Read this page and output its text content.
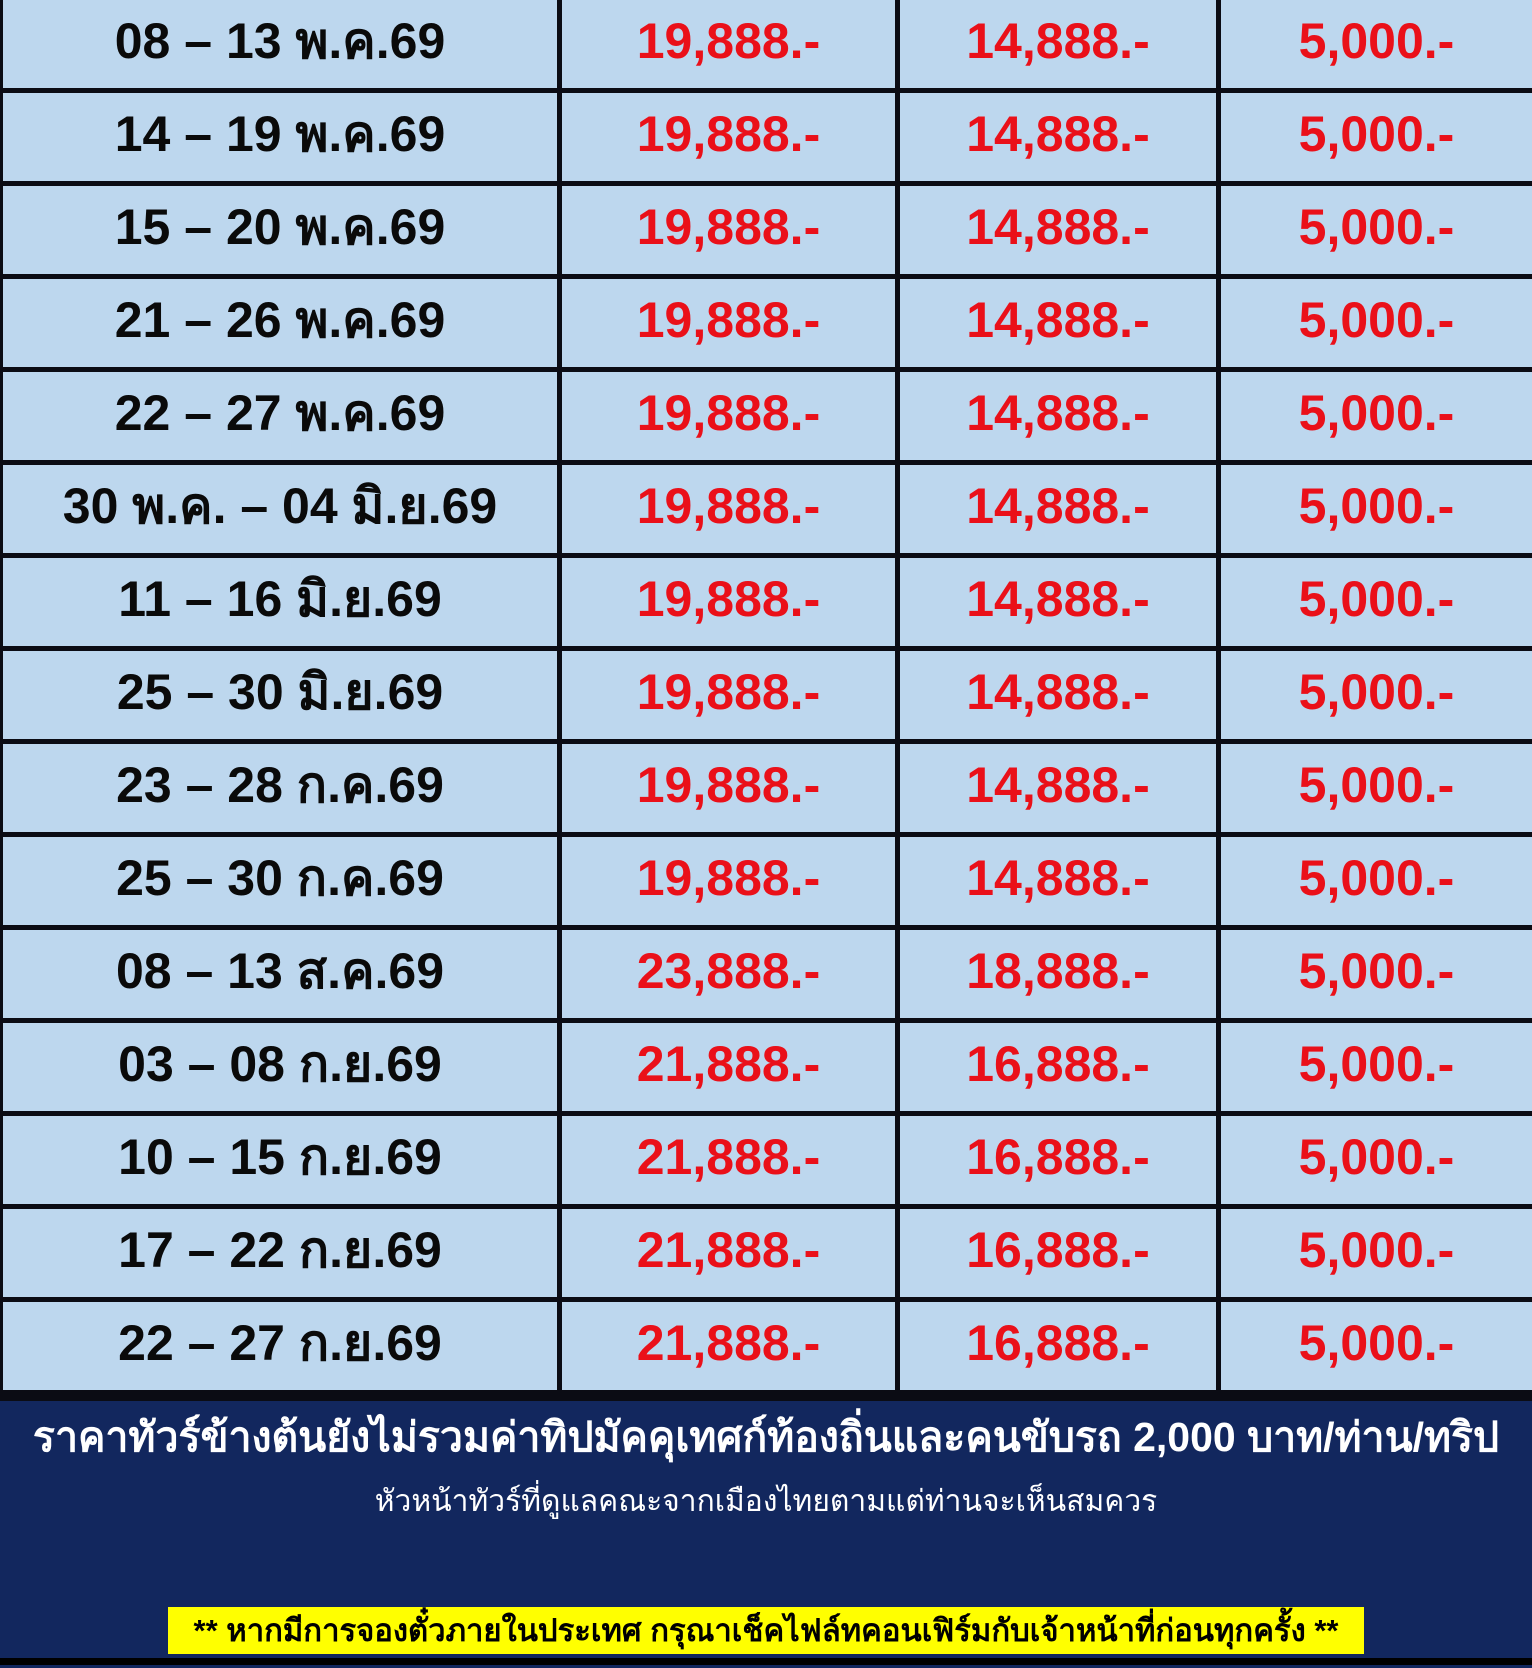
08 – 13 พ.ค.69	19,888.-	14,888.-	5,000.-
14 – 19 พ.ค.69	19,888.-	14,888.-	5,000.-
15 – 20 พ.ค.69	19,888.-	14,888.-	5,000.-
21 – 26 พ.ค.69	19,888.-	14,888.-	5,000.-
22 – 27 พ.ค.69	19,888.-	14,888.-	5,000.-
30 พ.ค. – 04 มิ.ย.69	19,888.-	14,888.-	5,000.-
11 – 16 มิ.ย.69	19,888.-	14,888.-	5,000.-
25 – 30 มิ.ย.69	19,888.-	14,888.-	5,000.-
23 – 28 ก.ค.69	19,888.-	14,888.-	5,000.-
25 – 30 ก.ค.69	19,888.-	14,888.-	5,000.-
08 – 13 ส.ค.69	23,888.-	18,888.-	5,000.-
03 – 08 ก.ย.69	21,888.-	16,888.-	5,000.-
10 – 15 ก.ย.69	21,888.-	16,888.-	5,000.-
17 – 22 ก.ย.69	21,888.-	16,888.-	5,000.-
22 – 27 ก.ย.69	21,888.-	16,888.-	5,000.-
ราคาทัวร์ข้างต้นยังไม่รวมค่าทิปมัคคุเทศก์ท้องถิ่นและคนขับรถ 2,000 บาท/ท่าน/ทริป
หัวหน้าทัวร์ที่ดูแลคณะจากเมืองไทยตามแต่ท่านจะเห็นสมควร
** หากมีการจองตั๋วภายในประเทศ กรุณาเช็คไฟล์ทคอนเฟิร์มกับเจ้าหน้าที่ก่อนทุกครั้ง **
